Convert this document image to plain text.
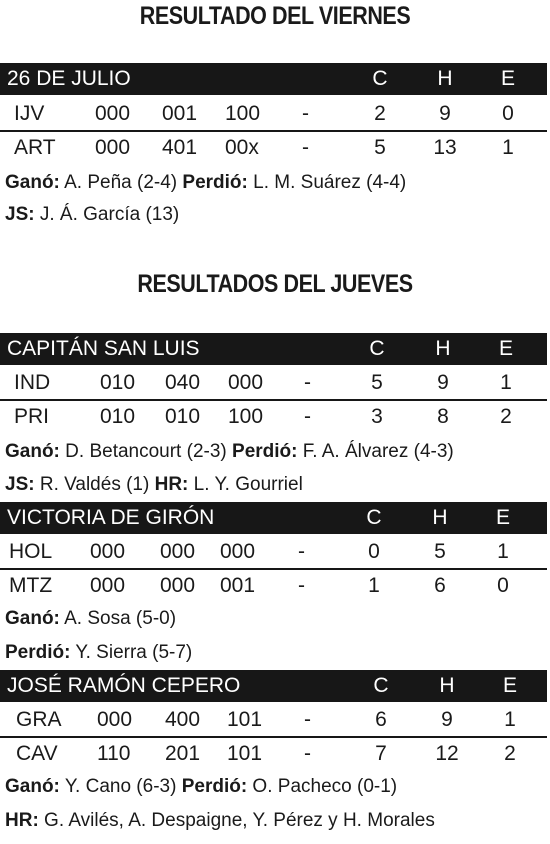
RESULTADO DEL VIERNES
26 DE JULIO	C	H	E
IJV 000 001 100 -	2	9	0
ART 000 401 00x -	5	13	1
Ganó: A. Peña (2-4) Perdió: L. M. Suárez (4-4)
JS: J. Á. García (13)
RESULTADOS DEL JUEVES
CAPITÁN SAN LUIS	C	H	E
IND 010 040 000 -	5	9	1
PRI 010 010 100 -	3	8	2
Ganó: D. Betancourt (2-3) Perdió: F. A. Álvarez (4-3)
JS: R. Valdés (1) HR: L. Y. Gourriel
VICTORIA DE GIRÓN	C	H	E
HOL 000 000 000 -	0	5	1
MTZ 000 000 001 -	1	6	0
Ganó: A. Sosa (5-0)
Perdió: Y. Sierra (5-7)
JOSÉ RAMÓN CEPERO	C	H	E
GRA 000 400 101 -	6	9	1
CAV 110 201 101 -	7	12	2
Ganó: Y. Cano (6-3) Perdió: O. Pacheco (0-1)
HR: G. Avilés, A. Despaigne, Y. Pérez y H. Morales
